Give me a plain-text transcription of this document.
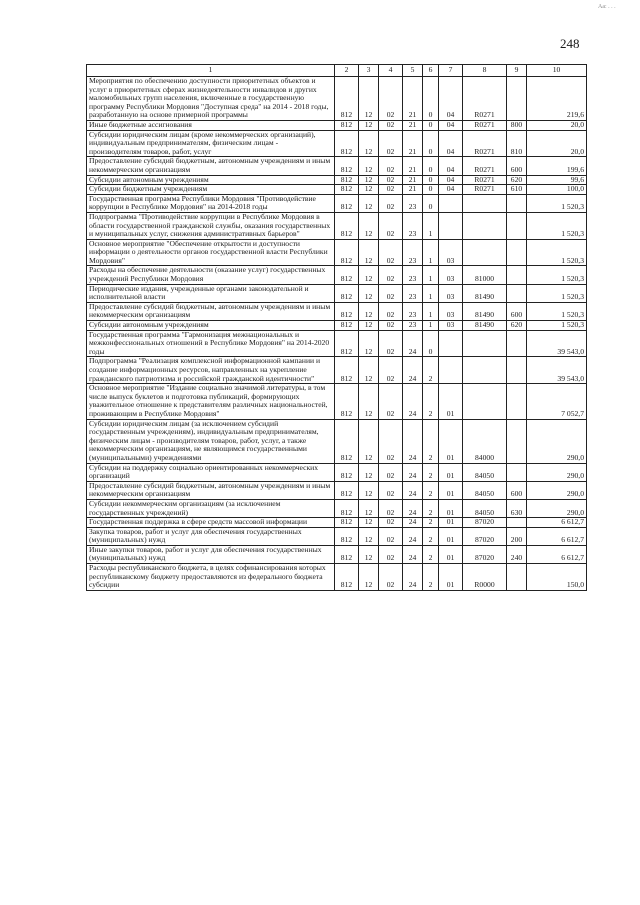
Aa: . . .
248
1	2	3	4	5	6	7	8	9	10
Мероприятия по обеспечению доступности приоритетных объектов и услуг в приоритетных сферах жизнедеятельности инвалидов и других маломобильных групп населения, включенные в государственную программу Республики Мордовия "Доступная среда" на 2014 - 2018 годы, разработанную на основе примерной программы	812	12	02	21	0	04	R0271		219,6
Иные бюджетные ассигнования	812	12	02	21	0	04	R0271	800	20,0
Субсидии юридическим лицам (кроме некоммерческих организаций), индивидуальным предпринимателям, физическим лицам - производителям товаров, работ, услуг	812	12	02	21	0	04	R0271	810	20,0
Предоставление субсидий бюджетным, автономным учреждениям и иным некоммерческим организациям	812	12	02	21	0	04	R0271	600	199,6
Субсидии автономным учреждениям	812	12	02	21	0	04	R0271	620	99,6
Субсидии бюджетным учреждениям	812	12	02	21	0	04	R0271	610	100,0
Государственная программа Республики Мордовия "Противодействие коррупции в Республике Мордовия" на 2014-2018 годы	812	12	02	23	0				1 520,3
Подпрограмма "Противодействие коррупции в Республике Мордовия в области государственной гражданской службы, оказания государственных и муниципальных услуг, снижения административных барьеров"	812	12	02	23	1				1 520,3
Основное мероприятие "Обеспечение открытости и доступности информации о деятельности органов государственной власти Республики Мордовия"	812	12	02	23	1	03			1 520,3
Расходы на обеспечение деятельности (оказание услуг) государственных учреждений Республики Мордовия	812	12	02	23	1	03	81000		1 520,3
Периодические издания, учрежденные органами законодательной и исполнительной власти	812	12	02	23	1	03	81490		1 520,3
Предоставление субсидий бюджетным, автономным учреждениям и иным некоммерческим организациям	812	12	02	23	1	03	81490	600	1 520,3
Субсидии автономным учреждениям	812	12	02	23	1	03	81490	620	1 520,3
Государственная программа "Гармонизация межнациональных и межконфессиональных отношений в Республике Мордовия" на 2014-2020 годы	812	12	02	24	0				39 543,0
Подпрограмма "Реализация комплексной информационной кампании и создание информационных ресурсов, направленных на укрепление гражданского патриотизма и российской гражданской идентичности"	812	12	02	24	2				39 543,0
Основное мероприятие "Издание социально значимой литературы, в том числе выпуск буклетов и подготовка публикаций, формирующих уважительное отношение к представителям различных национальностей, проживающим в Республике Мордовия"	812	12	02	24	2	01			7 052,7
Субсидии юридическим лицам (за исключением субсидий государственным учреждениям), индивидуальным предпринимателям, физическим лицам - производителям товаров, работ, услуг, а также некоммерческим организациям, не являющимся государственными (муниципальными) учреждениями	812	12	02	24	2	01	84000		290,0
Субсидии на поддержку социально ориентированных некоммерческих организаций	812	12	02	24	2	01	84050		290,0
Предоставление субсидий бюджетным, автономным учреждениям и иным некоммерческим организациям	812	12	02	24	2	01	84050	600	290,0
Субсидии некоммерческим организациям (за исключением государственных учреждений)	812	12	02	24	2	01	84050	630	290,0
Государственная поддержка в сфере средств массовой информации	812	12	02	24	2	01	87020		6 612,7
Закупка товаров, работ и услуг для обеспечения государственных (муниципальных) нужд	812	12	02	24	2	01	87020	200	6 612,7
Иные закупки товаров, работ и услуг для обеспечения государственных (муниципальных) нужд	812	12	02	24	2	01	87020	240	6 612,7
Расходы республиканского бюджета, в целях софинансирования которых республиканскому бюджету предоставляются из федерального бюджета субсидии	812	12	02	24	2	01	R0000		150,0
